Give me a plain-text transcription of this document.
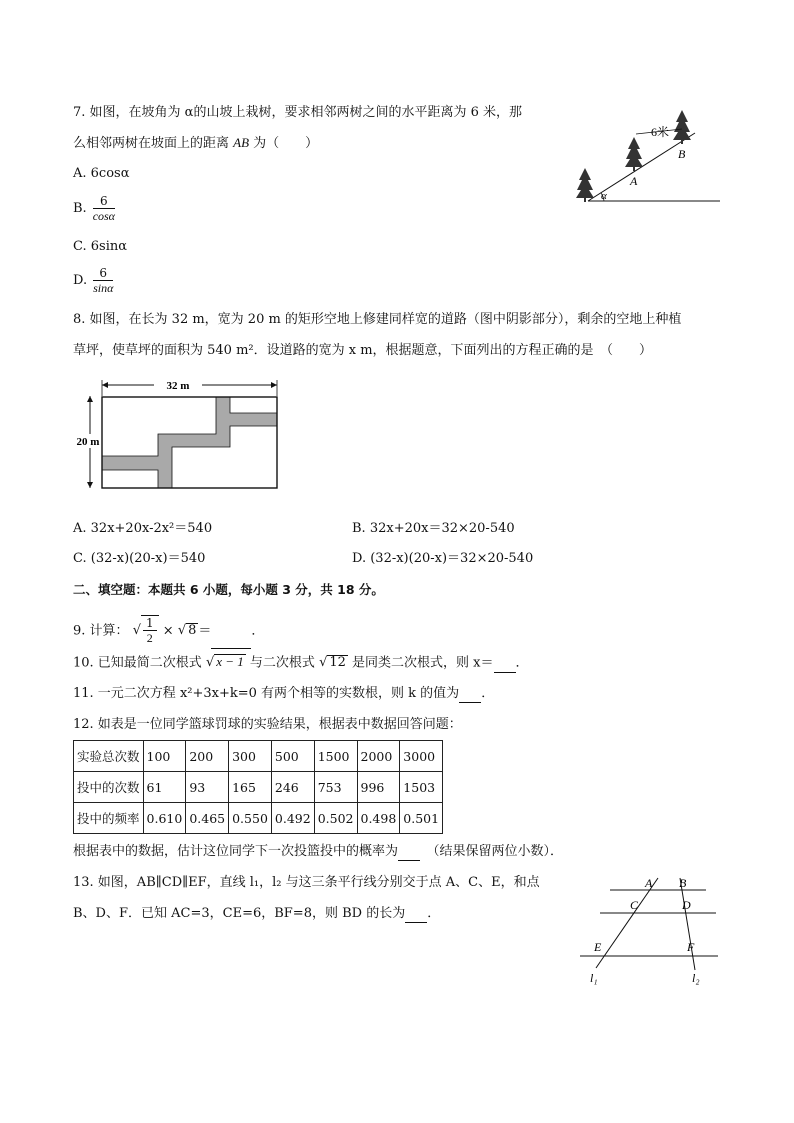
7. 如图，在坡角为 α的山坡上栽树，要求相邻两树之间的水平距离为 6 米，那
么相邻两树在坡面上的距离 AB 为（　　）
A. 6cosα
B. $\frac{6}{\cos\alpha}$
C. 6sinα
D. $\frac{6}{\sin\alpha}$
6米
A
B
α
8. 如图，在长为 32 m，宽为 20 m 的矩形空地上修建同样宽的道路（图中阴影部分），剩余的空地上种植
草坪，使草坪的面积为 540 m²．设道路的宽为 x m，根据题意，下面列出的方程正确的是　（　　）
32 m
20 m
A. 32x+20x-2x²＝540	B. 32x+20x＝32×20-540
C. (32-x)(20-x)＝540	D. (32-x)(20-x)＝32×20-540
二、填空题：本题共 6 小题，每小题 3 分，共 18 分。
9. 计算： √ $\frac{1}{2}$ × √ 8 ＝	．
10. 已知最简二次根式 √ x − 1 与二次根式 √ 12 是同类二次根式，则 x＝ ．
11. 一元二次方程 x²+3x+k=0 有两个相等的实数根，则 k 的值为 ．
12. 如表是一位同学篮球罚球的实验结果，根据表中数据回答问题：
实验总次数	100	200	300	500	1500	2000	3000
投中的次数	61	93	165	246	753	996	1503
投中的频率	0.610	0.465	0.550	0.492	0.502	0.498	0.501
根据表中的数据，估计这位同学下一次投篮投中的概率为　（结果保留两位小数）．
13. 如图，AB∥CD∥EF，直线 l₁，l₂ 与这三条平行线分别交于点 A、C、E，和点
B、D、F．已知 AC=3，CE=6，BF=8，则 BD 的长为 ．
A B
C	D
E	F
l₁	l₂
